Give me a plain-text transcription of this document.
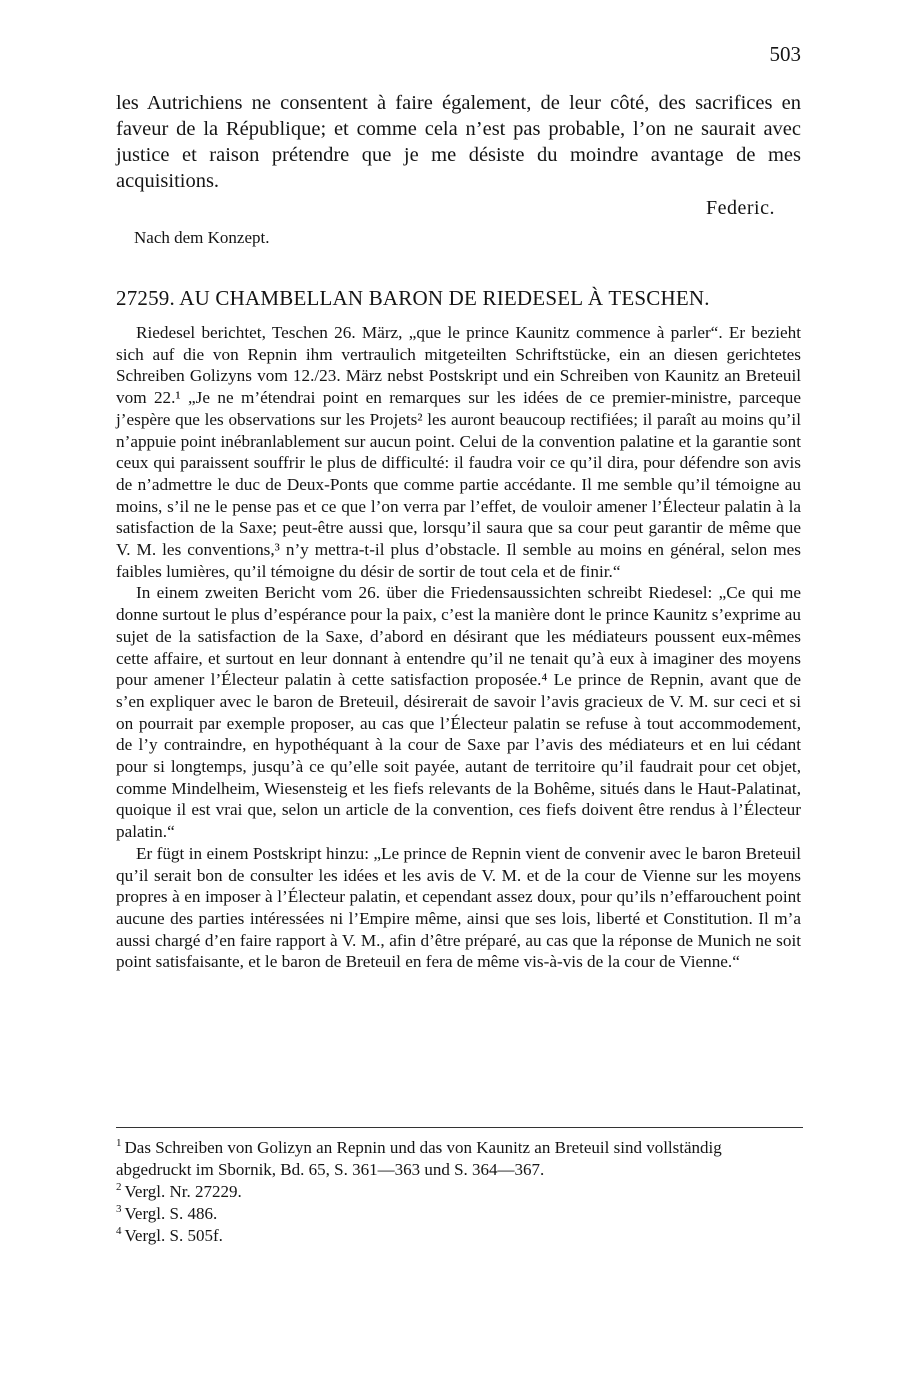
503

les Autrichiens ne consentent à faire également, de leur côté, des sacrifices en faveur de la République; et comme cela n’est pas probable, l’on ne saurait avec justice et raison prétendre que je me désiste du moindre avantage de mes acquisitions.

Federic.
Nach dem Konzept.
27259. AU CHAMBELLAN BARON DE RIEDESEL À TESCHEN.

Riedesel berichtet, Teschen 26. März, „que le prince Kaunitz commence à parler“. Er bezieht sich auf die von Repnin ihm vertraulich mitgeteilten Schriftstücke, ein an diesen gerichtetes Schreiben Golizyns vom 12./23. März nebst Postskript und ein Schreiben von Kaunitz an Breteuil vom 22.¹ „Je ne m’étendrai point en remarques sur les idées de ce premier-ministre, parceque j’espère que les observations sur les Projets² les auront beaucoup rectifiées; il paraît au moins qu’il n’appuie point inébranlablement sur aucun point. Celui de la convention palatine et la garantie sont ceux qui paraissent souffrir le plus de difficulté: il faudra voir ce qu’il dira, pour défendre son avis de n’admettre le duc de Deux-Ponts que comme partie accédante. Il me semble qu’il témoigne au moins, s’il ne le pense pas et ce que l’on verra par l’effet, de vouloir amener l’Électeur palatin à la satisfaction de la Saxe; peut-être aussi que, lorsqu’il saura que sa cour peut garantir de même que V. M. les conventions,³ n’y mettra-t-il plus d’obstacle. Il semble au moins en général, selon mes faibles lumières, qu’il témoigne du désir de sortir de tout cela et de finir.“

In einem zweiten Bericht vom 26. über die Friedensaussichten schreibt Riedesel: „Ce qui me donne surtout le plus d’espérance pour la paix, c’est la manière dont le prince Kaunitz s’exprime au sujet de la satisfaction de la Saxe, d’abord en désirant que les médiateurs poussent eux-mêmes cette affaire, et surtout en leur donnant à entendre qu’il ne tenait qu’à eux à imaginer des moyens pour amener l’Électeur palatin à cette satisfaction proposée.⁴ Le prince de Repnin, avant que de s’en expliquer avec le baron de Breteuil, désirerait de savoir l’avis gracieux de V. M. sur ceci et si on pourrait par exemple proposer, au cas que l’Électeur palatin se refuse à tout accommodement, de l’y contraindre, en hypothéquant à la cour de Saxe par l’avis des médiateurs et en lui cédant pour si longtemps, jusqu’à ce qu’elle soit payée, autant de territoire qu’il faudrait pour cet objet, comme Mindelheim, Wiesensteig et les fiefs relevants de la Bohême, situés dans le Haut-Palatinat, quoique il est vrai que, selon un article de la convention, ces fiefs doivent être rendus à l’Électeur palatin.“

Er fügt in einem Postskript hinzu: „Le prince de Repnin vient de convenir avec le baron Breteuil qu’il serait bon de consulter les idées et les avis de V. M. et de la cour de Vienne sur les moyens propres à en imposer à l’Électeur palatin, et cependant assez doux, pour qu’ils n’effarouchent point aucune des parties intéressées ni l’Empire même, ainsi que ses lois, liberté et Constitution. Il m’a aussi chargé d’en faire rapport à V. M., afin d’être préparé, au cas que la réponse de Munich ne soit point satisfaisante, et le baron de Breteuil en fera de même vis-à-vis de la cour de Vienne.“

$^1$ Das Schreiben von Golizyn an Repnin und das von Kaunitz an Breteuil sind vollständig abgedruckt im Sbornik, Bd. 65, S. 361—363 und S. 364—367.

$^2$ Vergl. Nr. 27229.

$^3$ Vergl. S. 486.

$^4$ Vergl. S. 505f.
